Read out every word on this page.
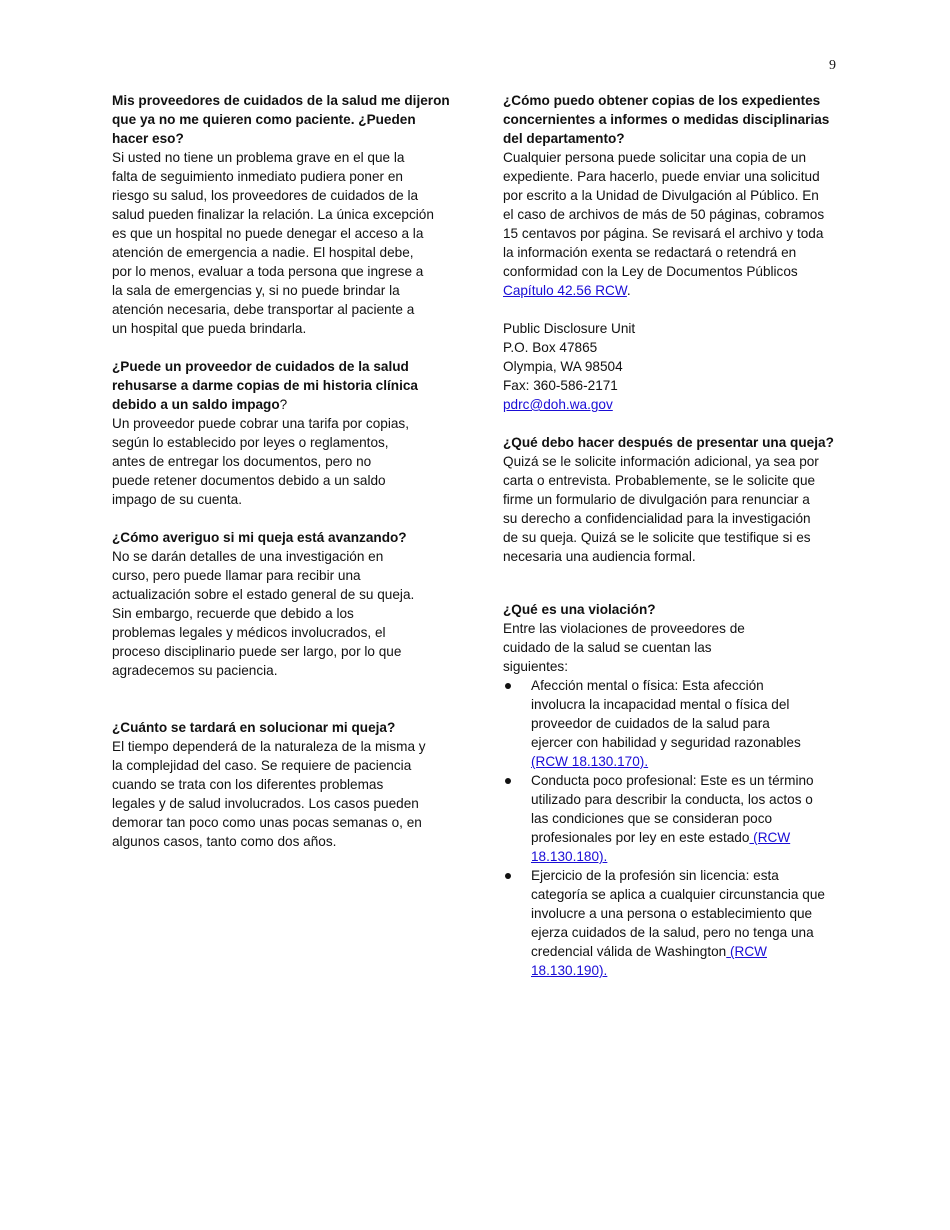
9

Mis proveedores de cuidados de la salud me dijeron
que ya no me quieren como paciente. ¿Pueden
hacer eso?

Si usted no tiene un problema grave en el que la
falta de seguimiento inmediato pudiera poner en
riesgo su salud, los proveedores de cuidados de la
salud pueden finalizar la relación. La única excepción
es que un hospital no puede denegar el acceso a la
atención de emergencia a nadie. El hospital debe,
por lo menos, evaluar a toda persona que ingrese a
la sala de emergencias y, si no puede brindar la
atención necesaria, debe transportar al paciente a
un hospital que pueda brindarla.

¿Puede un proveedor de cuidados de la salud
rehusarse a darme copias de mi historia clínica
debido a un saldo impago?

Un proveedor puede cobrar una tarifa por copias,
según lo establecido por leyes o reglamentos,
antes de entregar los documentos, pero no
puede retener documentos debido a un saldo
impago de su cuenta.

¿Cómo averiguo si mi queja está avanzando?

No se darán detalles de una investigación en
curso, pero puede llamar para recibir una
actualización sobre el estado general de su queja.
Sin embargo, recuerde que debido a los
problemas legales y médicos involucrados, el
proceso disciplinario puede ser largo, por lo que
agradecemos su paciencia.

¿Cuánto se tardará en solucionar mi queja?

El tiempo dependerá de la naturaleza de la misma y
la complejidad del caso. Se requiere de paciencia
cuando se trata con los diferentes problemas
legales y de salud involucrados. Los casos pueden
demorar tan poco como unas pocas semanas o, en
algunos casos, tanto como dos años.

¿Cómo puedo obtener copias de los expedientes
concernientes a informes o medidas disciplinarias
del departamento?

Cualquier persona puede solicitar una copia de un
expediente. Para hacerlo, puede enviar una solicitud
por escrito a la Unidad de Divulgación al Público. En
el caso de archivos de más de 50 páginas, cobramos
15 centavos por página. Se revisará el archivo y toda
la información exenta se redactará o retendrá en
conformidad con la Ley de Documentos Públicos
Capítulo 42.56 RCW.

Public Disclosure Unit
P.O. Box 47865
Olympia, WA 98504
Fax: 360-586-2171
pdrc@doh.wa.gov

¿Qué debo hacer después de presentar una queja?

Quizá se le solicite información adicional, ya sea por
carta o entrevista. Probablemente, se le solicite que
firme un formulario de divulgación para renunciar a
su derecho a confidencialidad para la investigación
de su queja. Quizá se le solicite que testifique si es
necesaria una audiencia formal.

¿Qué es una violación?

Entre las violaciones de proveedores de
cuidado de la salud se cuentan las
siguientes:

Afección mental o física: Esta afección
involucra la incapacidad mental o física del
proveedor de cuidados de la salud para
ejercer con habilidad y seguridad razonables
(RCW 18.130.170).
Conducta poco profesional: Este es un término
utilizado para describir la conducta, los actos o
las condiciones que se consideran poco
profesionales por ley en este estado (RCW
18.130.180).
Ejercicio de la profesión sin licencia: esta
categoría se aplica a cualquier circunstancia que
involucre a una persona o establecimiento que
ejerza cuidados de la salud, pero no tenga una
credencial válida de Washington (RCW
18.130.190).
